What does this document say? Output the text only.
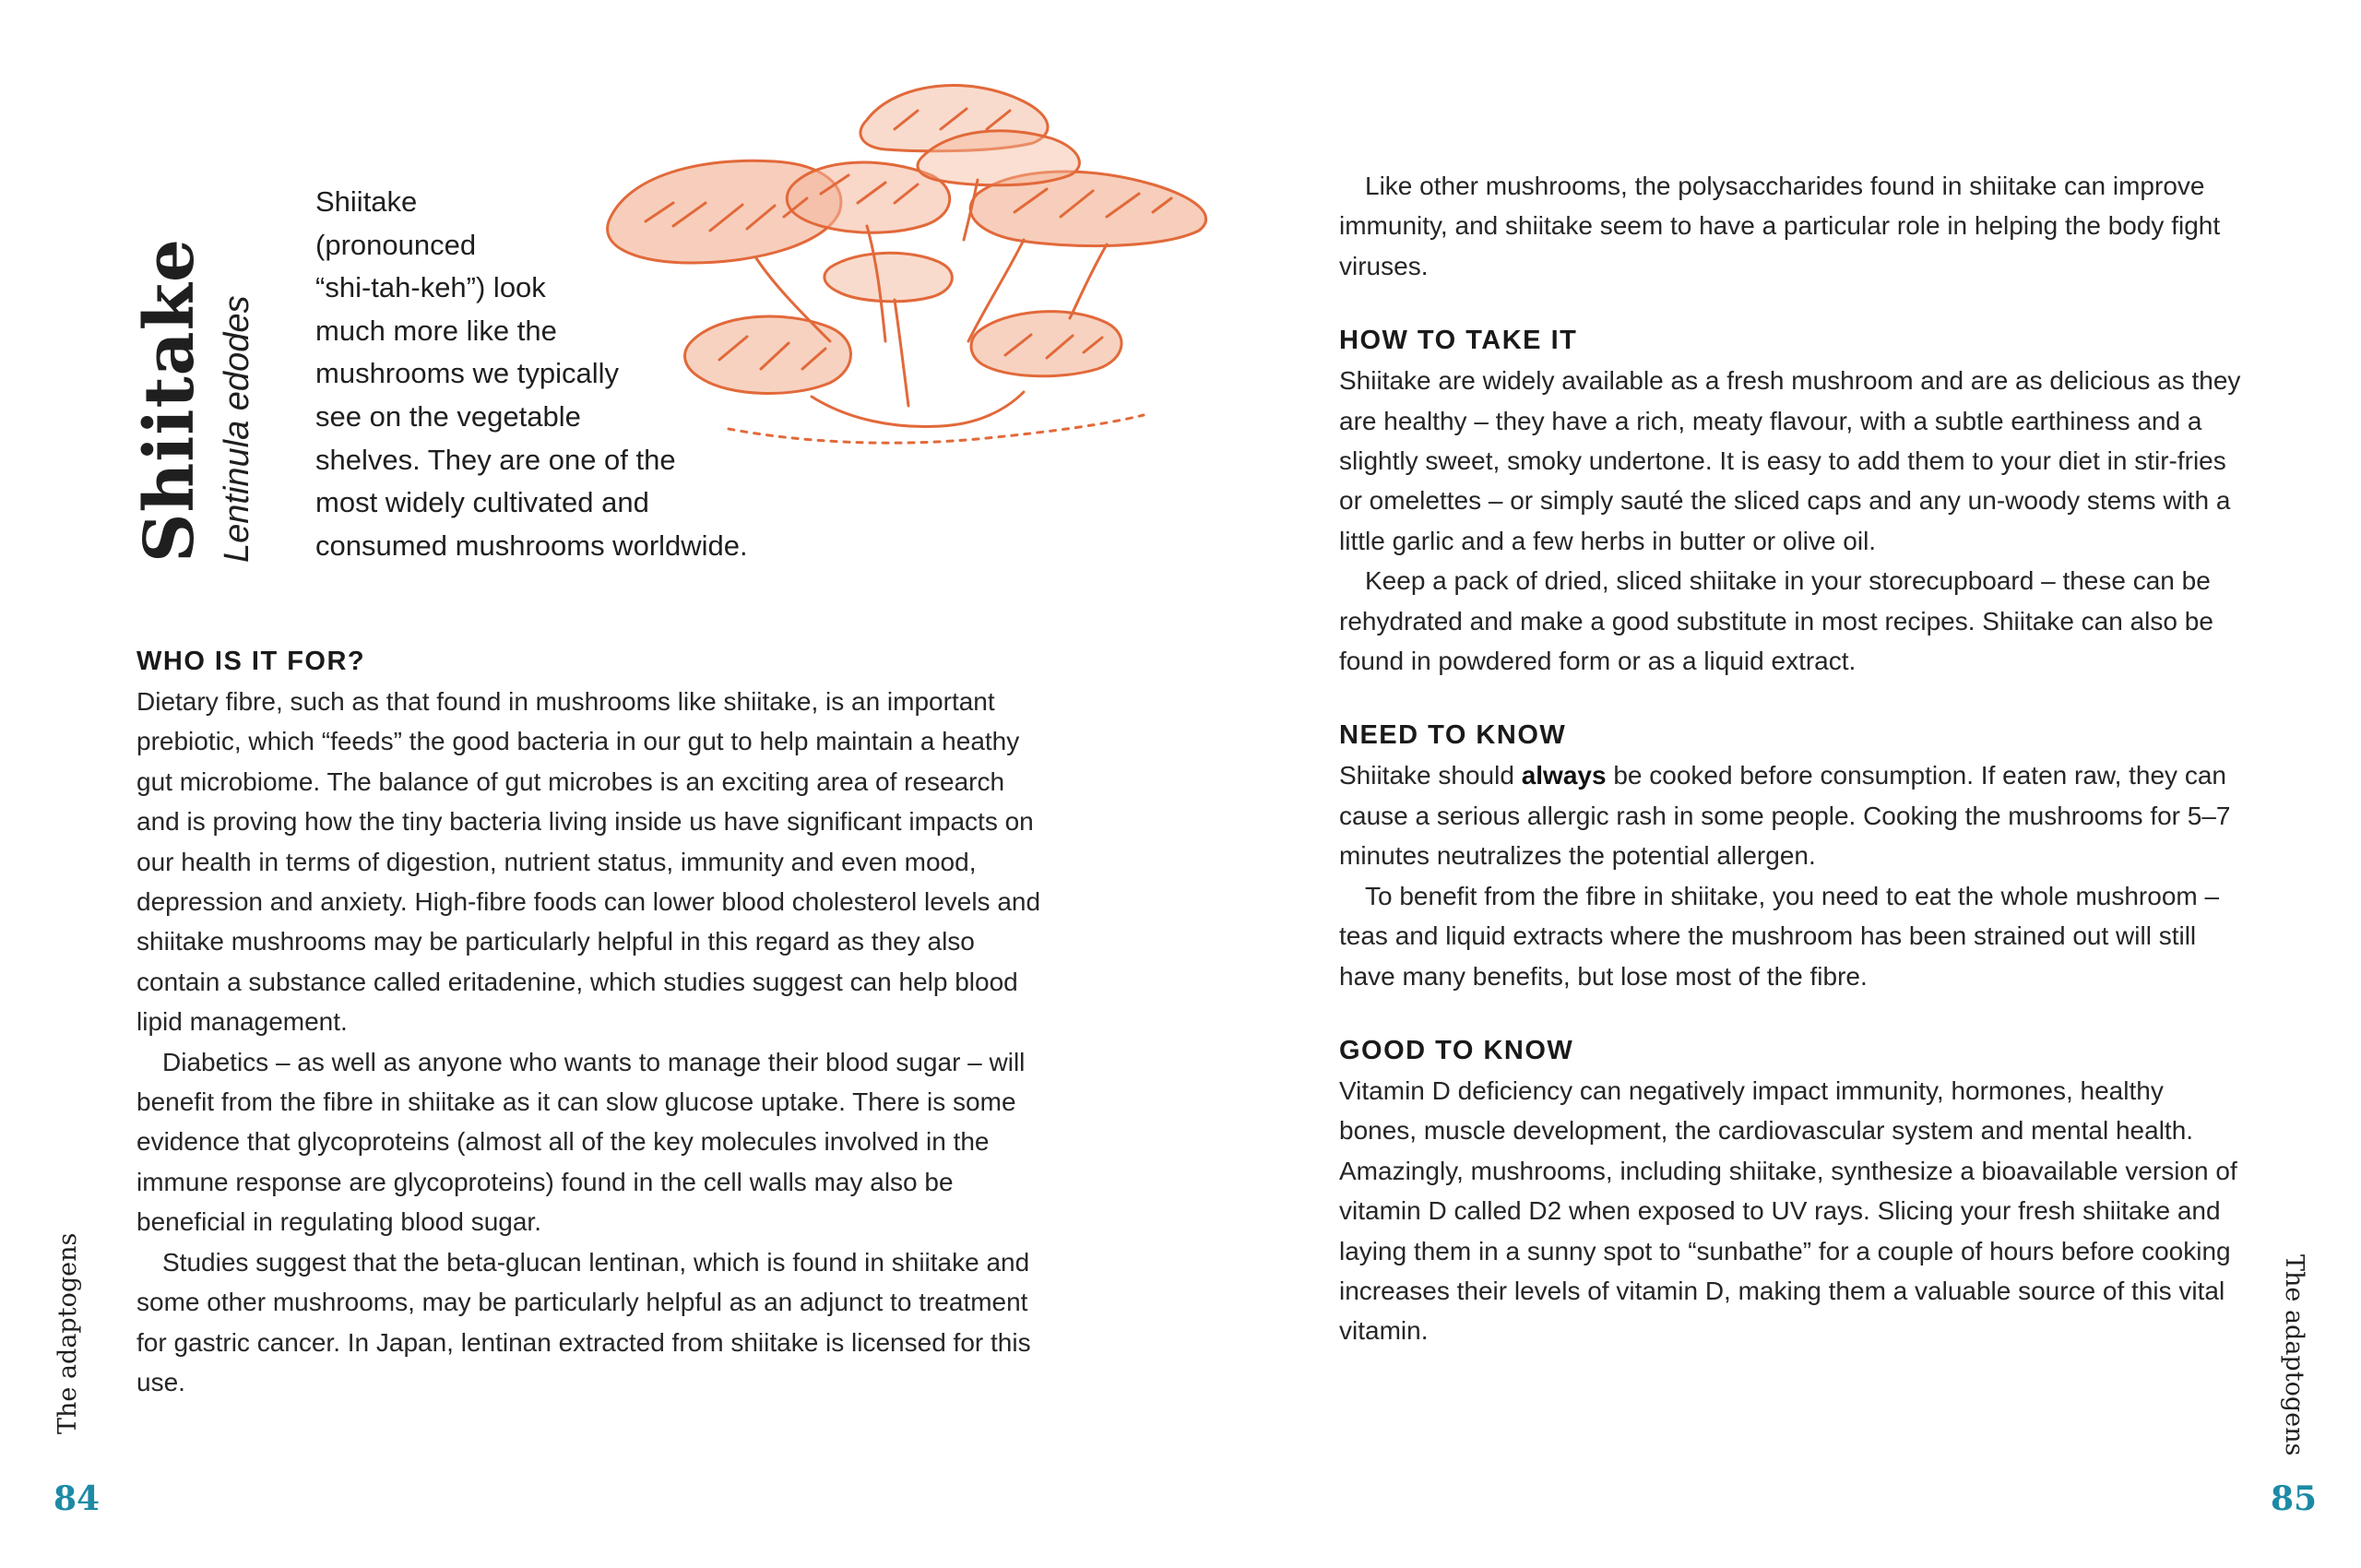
Shiitake Lentinula edodes
Shiitake
(pronounced
“shi-tah-keh”) look
much more like the
mushrooms we typically
see on the vegetable
shelves. They are one of the
most widely cultivated and
consumed mushrooms worldwide.
WHO IS IT FOR?

Dietary fibre, such as that found in mushrooms like shiitake, is an important prebiotic, which “feeds” the good bacteria in our gut to help maintain a heathy gut microbiome. The balance of gut microbes is an exciting area of research and is proving how the tiny bacteria living inside us have significant impacts on our health in terms of digestion, nutrient status, immunity and even mood, depression and anxiety. High-fibre foods can lower blood cholesterol levels and shiitake mushrooms may be particularly helpful in this regard as they also contain a substance called eritadenine, which studies suggest can help blood lipid management.

Diabetics – as well as anyone who wants to manage their blood sugar – will benefit from the fibre in shiitake as it can slow glucose uptake. There is some evidence that glycoproteins (almost all of the key molecules involved in the immune response are glycoproteins) found in the cell walls may also be beneficial in regulating blood sugar.

Studies suggest that the beta-glucan lentinan, which is found in shiitake and some other mushrooms, may be particularly helpful as an adjunct to treatment for gastric cancer. In Japan, lentinan extracted from shiitake is licensed for this use.

The adaptogens
84

Like other mushrooms, the polysaccharides found in shiitake can improve immunity, and shiitake seem to have a particular role in helping the body fight viruses.

HOW TO TAKE IT

Shiitake are widely available as a fresh mushroom and are as delicious as they are healthy – they have a rich, meaty flavour, with a subtle earthiness and a slightly sweet, smoky undertone. It is easy to add them to your diet in stir-fries or omelettes – or simply sauté the sliced caps and any un-woody stems with a little garlic and a few herbs in butter or olive oil.

Keep a pack of dried, sliced shiitake in your storecupboard – these can be rehydrated and make a good substitute in most recipes. Shiitake can also be found in powdered form or as a liquid extract.

NEED TO KNOW

Shiitake should always be cooked before consumption. If eaten raw, they can cause a serious allergic rash in some people. Cooking the mushrooms for 5–7 minutes neutralizes the potential allergen.

To benefit from the fibre in shiitake, you need to eat the whole mushroom – teas and liquid extracts where the mushroom has been strained out will still have many benefits, but lose most of the fibre.

GOOD TO KNOW

Vitamin D deficiency can negatively impact immunity, hormones, healthy bones, muscle development, the cardiovascular system and mental health. Amazingly, mushrooms, including shiitake, synthesize a bioavailable version of vitamin D called D2 when exposed to UV rays. Slicing your fresh shiitake and laying them in a sunny spot to “sunbathe” for a couple of hours before cooking increases their levels of vitamin D, making them a valuable source of this vital vitamin.	The adaptogens
85
